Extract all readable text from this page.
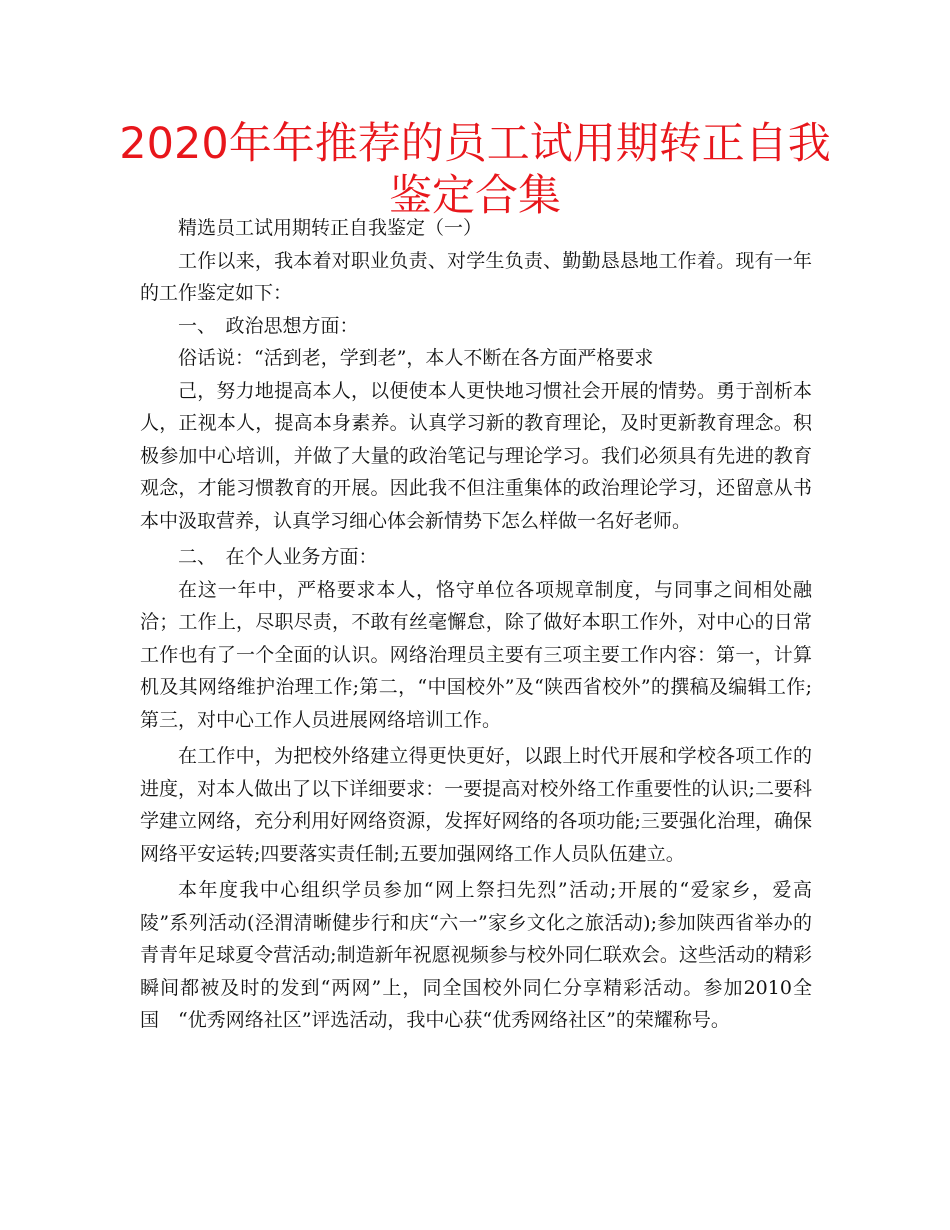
2020年年推荐的员工试用期转正自我鉴定合集

精选员工试用期转正自我鉴定（一）

工作以来，我本着对职业负责、对学生负责、勤勤恳恳地工作着。现有一年的工作鉴定如下：

一、　政治思想方面：

俗话说：“活到老，学到老”，本人不断在各方面严格要求

己，努力地提高本人，以便使本人更快地习惯社会开展的情势。勇于剖析本人，正视本人，提高本身素养。认真学习新的教育理论，及时更新教育理念。积极参加中心培训，并做了大量的政治笔记与理论学习。我们必须具有先进的教育观念，才能习惯教育的开展。因此我不但注重集体的政治理论学习，还留意从书本中汲取营养，认真学习细心体会新情势下怎么样做一名好老师。

二、　在个人业务方面：

在这一年中，严格要求本人，恪守单位各项规章制度，与同事之间相处融洽；工作上，尽职尽责，不敢有丝毫懈怠，除了做好本职工作外，对中心的日常工作也有了一个全面的认识。网络治理员主要有三项主要工作内容：第一，计算机及其网络维护治理工作;第二，“中国校外”及“陕西省校外”的撰稿及编辑工作;第三，对中心工作人员进展网络培训工作。

在工作中，为把校外络建立得更快更好，以跟上时代开展和学校各项工作的进度，对本人做出了以下详细要求：一要提高对校外络工作重要性的认识;二要科学建立网络，充分利用好网络资源，发挥好网络的各项功能;三要强化治理，确保网络平安运转;四要落实责任制;五要加强网络工作人员队伍建立。

本年度我中心组织学员参加“网上祭扫先烈”活动;开展的“爱家乡，爱高陵”系列活动(泾渭清晰健步行和庆“六一”家乡文化之旅活动);参加陕西省举办的青青年足球夏令营活动;制造新年祝愿视频参与校外同仁联欢会。这些活动的精彩瞬间都被及时的发到“两网”上，同全国校外同仁分享精彩活动。参加2010全国　“优秀网络社区”评选活动，我中心获“优秀网络社区”的荣耀称号。
